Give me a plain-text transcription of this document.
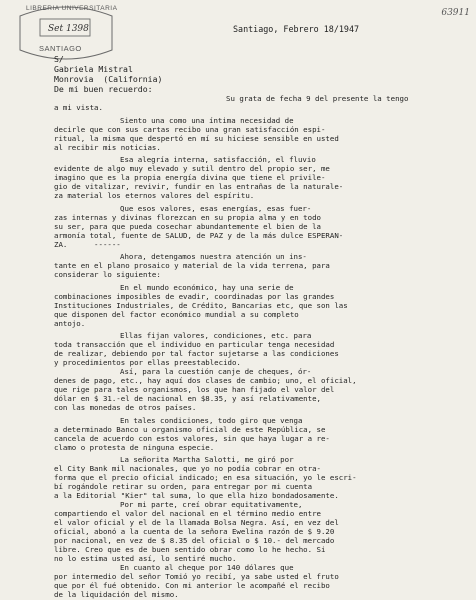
LIBRERIA UNIVERSITARIA
Set 1398
SANTIAGO
63911

Santiago, Febrero 18/1947

S/

Gabriela Mistral

Monrovia  (California)

De mi buen recuerdo:

Su grata de fecha 9 del presente la tengo

a mi vista.

Siento una como una íntima necesidad de

decirle que con sus cartas recibo una gran satisfacción espi-

ritual, la misma que despertó en mí su hiciese sensible en usted

al recibir mis noticias.

Esa alegría interna, satisfacción, el fluvio

evidente de algo muy elevado y sutil dentro del propio ser, me

imagino que es la propia energía divina que tiene el privile-

gio de vitalizar, revivir, fundir en las entrañas de la naturale-

za material los eternos valores del espíritu.

Que esos valores, esas energías, esas fuer-

zas internas y divinas florezcan en su propia alma y en todo

su ser, para que pueda cosechar abundantemente el bien de la

armonía total, fuente de SALUD, de PAZ y de la más dulce ESPERAN-

ZA.      ------

Ahora, detengamos nuestra atención un ins-

tante en el plano prosaico y material de la vida terrena, para

considerar lo siguiente:

En el mundo económico, hay una serie de

combinaciones imposibles de evadir, coordinadas por las grandes

Instituciones Industriales, de Crédito, Bancarias etc, que son las

que disponen del factor económico mundial a su completo

antojo.

Ellas fijan valores, condiciones, etc. para

toda transacción que el individuo en particular tenga necesidad

de realizar, debiendo por tal factor sujetarse a las condiciones

y procedimientos por ellas preestablecido.

Así, para la cuestión canje de cheques, ór-

denes de pago, etc., hay aquí dos clases de cambio; uno, el oficial,

que rige para tales organismos, los que han fijado el valor del

dólar en $ 31.-el de nacional en $8.35, y así relativamente,

con las monedas de otros países.

En tales condiciones, todo giro que venga

a determinado Banco u organismo oficial de este República, se

cancela de acuerdo con estos valores, sin que haya lugar a re-

clamo o protesta de ninguna especie.

La señorita Martha Salotti, me giró por

el City Bank mil nacionales, que yo no podía cobrar en otra-

forma que el precio oficial indicado; en esa situación, yo le escri-

bí rogándole retirar su orden, para entregar por mi cuenta

a la Editorial "Kier" tal suma, lo que ella hizo bondadosamente.

Por mi parte, creí obrar equitativamente,

compartiendo el valor del nacional en el término medio entre

el valor oficial y el de la llamada Bolsa Negra. Así, en vez del

oficial, abonó a la cuenta de la señora Ewelina razón de $ 9.20

por nacional, en vez de $ 8.35 del oficial o $ 10.- del mercado

libre. Creo que es de buen sentido obrar como lo he hecho. Si

no lo estima usted así, lo sentiré mucho.

En cuanto al cheque por 140 dólares que

por intermedio del señor Tomió yo recibí, ya sabe usted el fruto

que por él fué obtenido. Con mi anterior le acompañé el recibo

de la liquidación del mismo.
